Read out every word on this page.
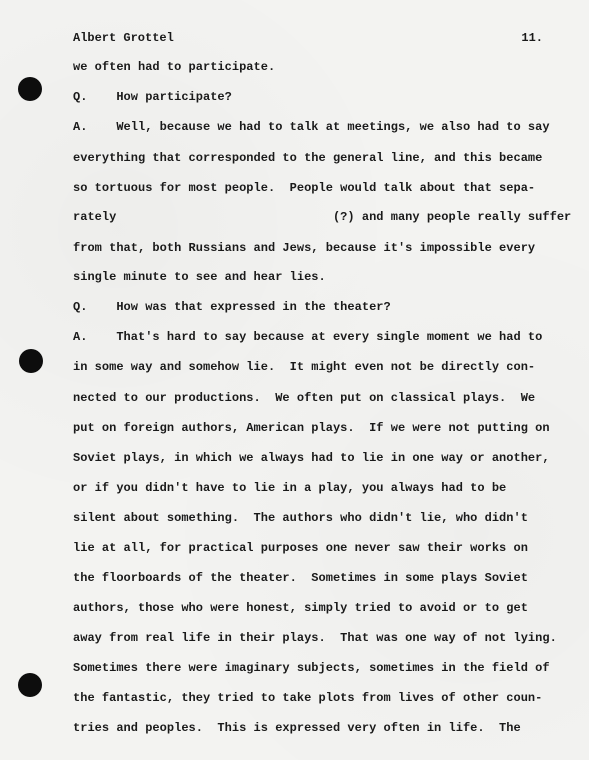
Albert Grottel	11.
we often had to participate.
Q.    How participate?
A.    Well, because we had to talk at meetings, we also had to say
everything that corresponded to the general line, and this became
so tortuous for most people.  People would talk about that sepa-
rately                              (?) and many people really suffer
from that, both Russians and Jews, because it's impossible every
single minute to see and hear lies.
Q.    How was that expressed in the theater?
A.    That's hard to say because at every single moment we had to
in some way and somehow lie.  It might even not be directly con-
nected to our productions.  We often put on classical plays.  We
put on foreign authors, American plays.  If we were not putting on
Soviet plays, in which we always had to lie in one way or another,
or if you didn't have to lie in a play, you always had to be
silent about something.  The authors who didn't lie, who didn't
lie at all, for practical purposes one never saw their works on
the floorboards of the theater.  Sometimes in some plays Soviet
authors, those who were honest, simply tried to avoid or to get
away from real life in their plays.  That was one way of not lying.
Sometimes there were imaginary subjects, sometimes in the field of
the fantastic, they tried to take plots from lives of other coun-
tries and peoples.  This is expressed very often in life.  The
